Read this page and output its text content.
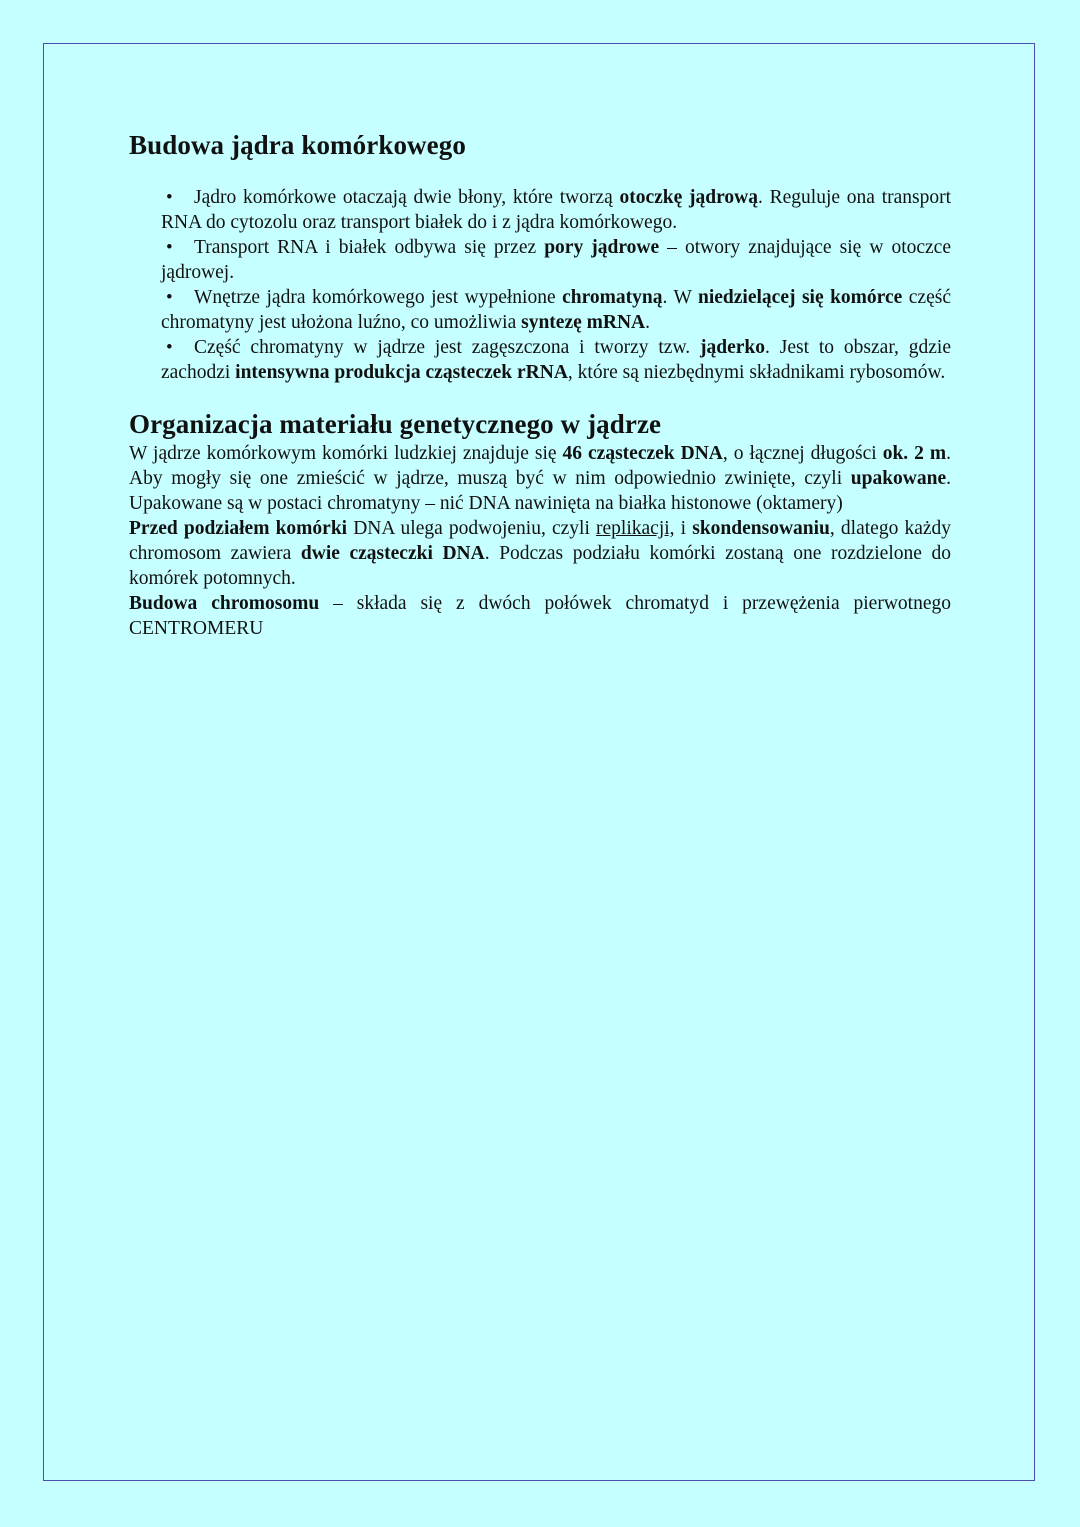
Budowa jądra komórkowego
• Jądro komórkowe otaczają dwie błony, które tworzą otoczkę jądrową. Reguluje ona transport RNA do cytozolu oraz transport białek do i z jądra komórkowego.
• Transport RNA i białek odbywa się przez pory jądrowe – otwory znajdujące się w otoczce jądrowej.
• Wnętrze jądra komórkowego jest wypełnione chromatyną. W niedzielącej się komórce część chromatyny jest ułożona luźno, co umożliwia syntezę mRNA.
• Część chromatyny w jądrze jest zagęszczona i tworzy tzw. jąderko. Jest to obszar, gdzie zachodzi intensywna produkcja cząsteczek rRNA, które są niezbędnymi składnikami rybosomów.
Organizacja materiału genetycznego w jądrze

W jądrze komórkowym komórki ludzkiej znajduje się 46 cząsteczek DNA, o łącznej długości ok. 2 m. Aby mogły się one zmieścić w jądrze, muszą być w nim odpowiednio zwinięte, czyli upakowane. Upakowane są w postaci chromatyny – nić DNA nawinięta na białka histonowe (oktamery)

Przed podziałem komórki DNA ulega podwojeniu, czyli replikacji, i skondensowaniu, dlatego każdy chromosom zawiera dwie cząsteczki DNA. Podczas podziału komórki zostaną one rozdzielone do komórek potomnych.

Budowa chromosomu – składa się z dwóch połówek chromatyd i przewężenia pierwotnego CENTROMERU
